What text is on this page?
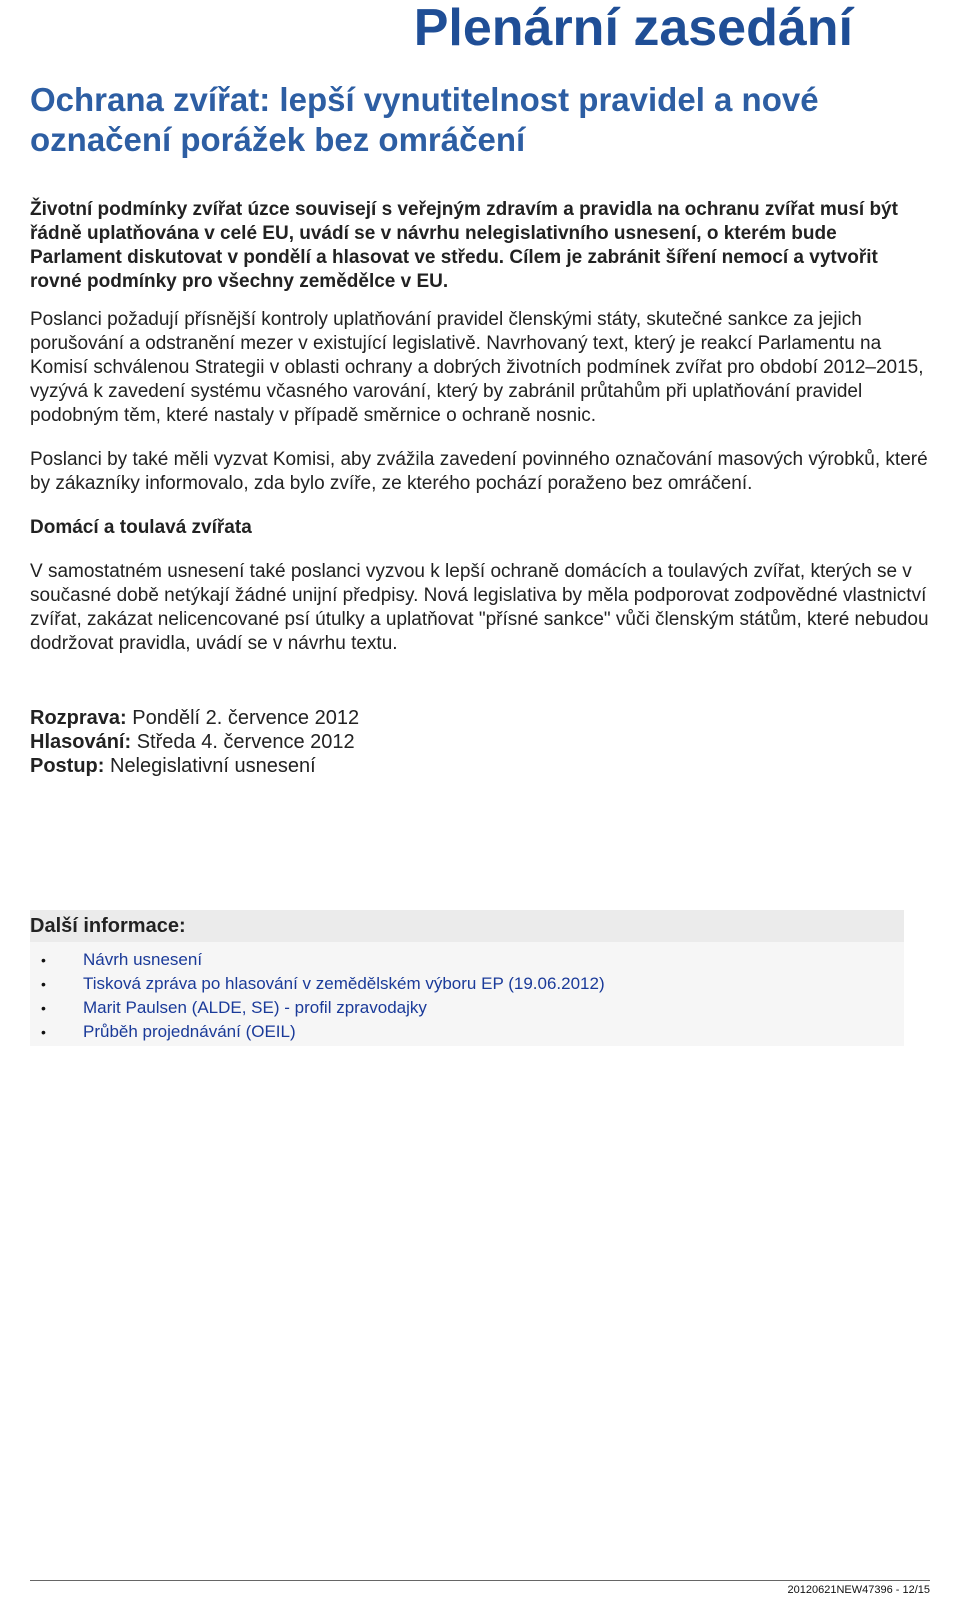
Plenární zasedání
Ochrana zvířat: lepší vynutitelnost pravidel a nové označení porážek bez omráčení

Životní podmínky zvířat úzce souvisejí s veřejným zdravím a pravidla na ochranu zvířat musí být řádně uplatňována v celé EU, uvádí se v návrhu nelegislativního usnesení, o kterém bude Parlament diskutovat v pondělí a hlasovat ve středu. Cílem je zabránit šíření nemocí a vytvořit rovné podmínky pro všechny zemědělce v EU.

Poslanci požadují přísnější kontroly uplatňování pravidel členskými státy, skutečné sankce za jejich porušování a odstranění mezer v existující legislativě. Navrhovaný text, který je reakcí Parlamentu na Komisí schválenou Strategii v oblasti ochrany a dobrých životních podmínek zvířat pro období 2012–2015, vyzývá k zavedení systému včasného varování, který by zabránil průtahům při uplatňování pravidel podobným těm, které nastaly v případě směrnice o ochraně nosnic.

Poslanci by také měli vyzvat Komisi, aby zvážila zavedení povinného označování masových výrobků, které by zákazníky informovalo, zda bylo zvíře, ze kterého pochází poraženo bez omráčení.

Domácí a toulavá zvířata

V samostatném usnesení také poslanci vyzvou k lepší ochraně domácích a toulavých zvířat, kterých se v současné době netýkají žádné unijní předpisy. Nová legislativa by měla podporovat zodpovědné vlastnictví zvířat, zakázat nelicencované psí útulky a uplatňovat "přísné sankce" vůči členským státům, které nebudou dodržovat pravidla, uvádí se v návrhu textu.

Rozprava: Pondělí 2. července 2012
Hlasování: Středa 4. července 2012
Postup: Nelegislativní usnesení
Další informace:
• Návrh usnesení
• Tisková zpráva po hlasování v zemědělském výboru EP (19.06.2012)
• Marit Paulsen (ALDE, SE) - profil zpravodajky
• Průběh projednávání (OEIL)
20120621NEW47396 - 12/15
